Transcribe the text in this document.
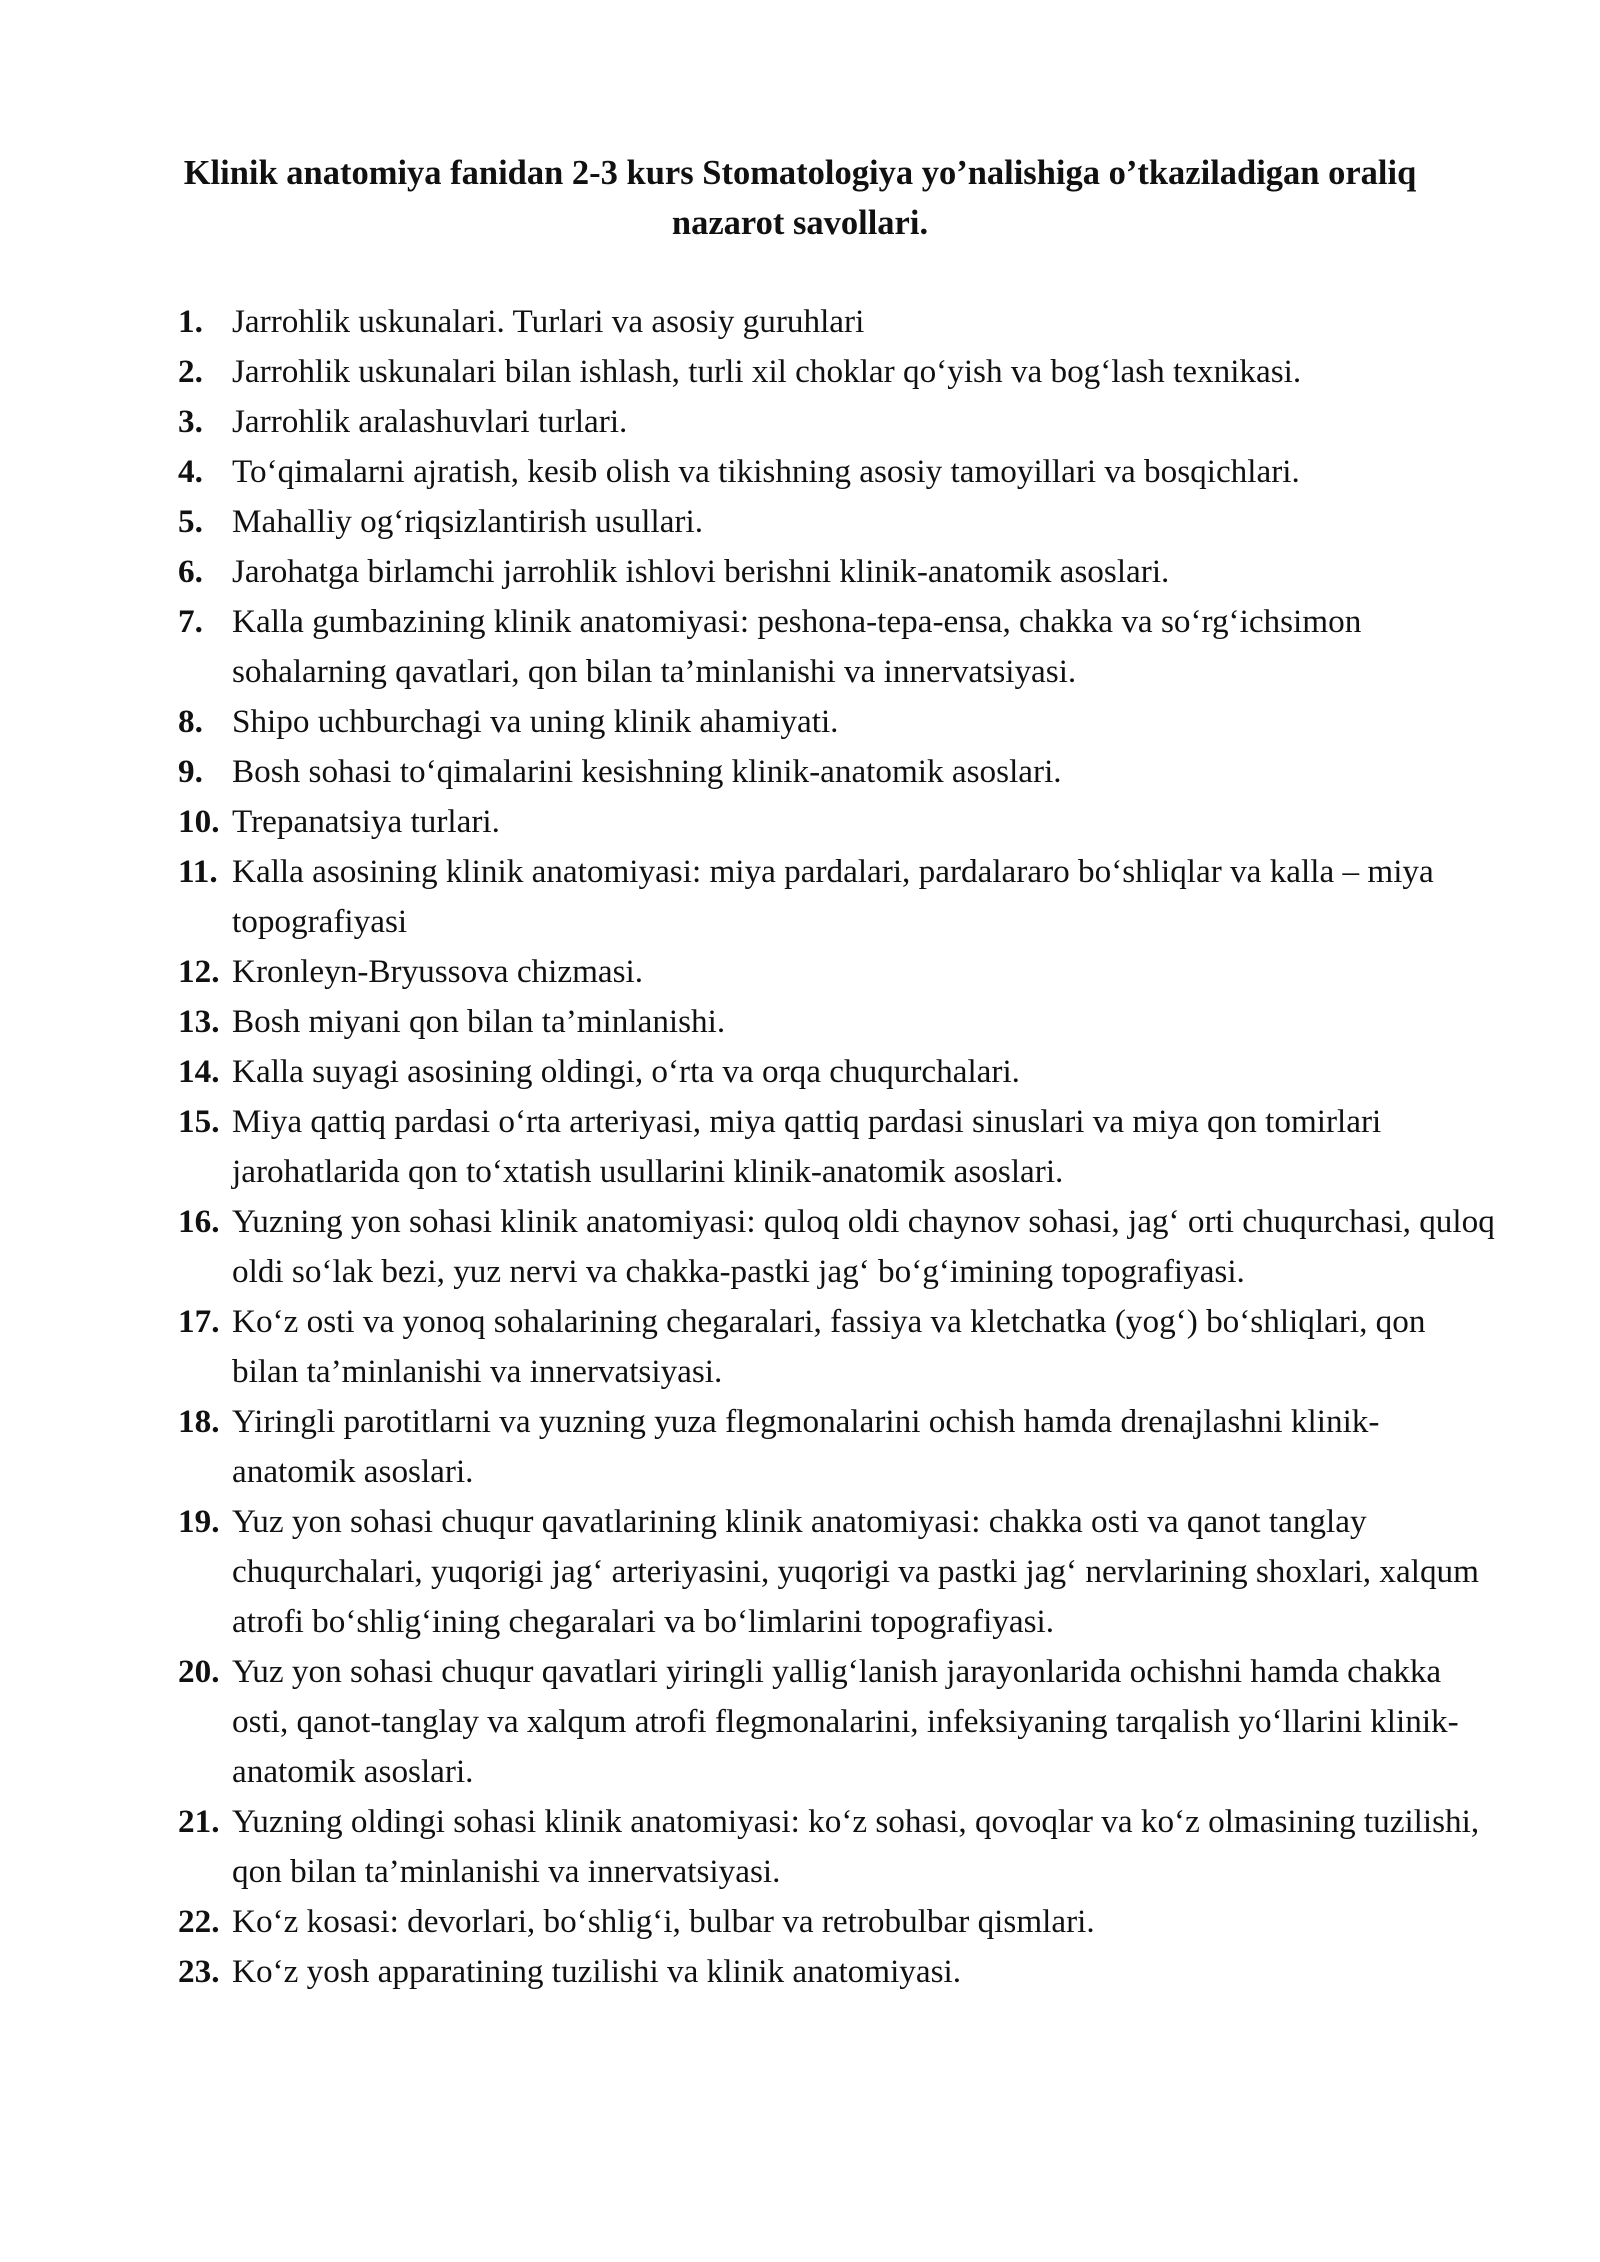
Klinik anatomiya fanidan 2-3 kurs Stomatologiya yo’nalishiga o’tkaziladigan oraliq
nazarot savollari.
1. Jarrohlik uskunalari. Turlari va asosiy guruhlari
2. Jarrohlik uskunalari bilan ishlash, turli xil choklar qo‘yish va bog‘lash texnikasi.
3. Jarrohlik aralashuvlari turlari.
4. To‘qimalarni ajratish, kesib olish va tikishning asosiy tamoyillari va bosqichlari.
5. Mahalliy og‘riqsizlantirish usullari.
6. Jarohatga birlamchi jarrohlik ishlovi berishni klinik-anatomik asoslari.
7. Kalla gumbazining klinik anatomiyasi: peshona-tepa-ensa, chakka va so‘rg‘ichsimon sohalarning qavatlari, qon bilan ta’minlanishi va innervatsiyasi.
8. Shipo uchburchagi va uning klinik ahamiyati.
9. Bosh sohasi to‘qimalarini kesishning klinik-anatomik asoslari.
10. Trepanatsiya turlari.
11. Kalla asosining klinik anatomiyasi: miya pardalari, pardalararo bo‘shliqlar va kalla – miya topografiyasi
12. Kronleyn-Bryussova chizmasi.
13. Bosh miyani qon bilan ta’minlanishi.
14. Kalla suyagi asosining oldingi, o‘rta va orqa chuqurchalari.
15. Miya qattiq pardasi o‘rta arteriyasi, miya qattiq pardasi sinuslari va miya qon tomirlari jarohatlarida qon to‘xtatish usullarini klinik-anatomik asoslari.
16. Yuzning yon sohasi klinik anatomiyasi: quloq oldi chaynov sohasi, jag‘ orti chuqurchasi, quloq oldi so‘lak bezi, yuz nervi va chakka-pastki jag‘ bo‘g‘imining topografiyasi.
17. Ko‘z osti va yonoq sohalarining chegaralari, fassiya va kletchatka (yog‘) bo‘shliqlari, qon bilan ta’minlanishi va innervatsiyasi.
18. Yiringli parotitlarni va yuzning yuza flegmonalarini ochish hamda drenajlashni klinik-anatomik asoslari.
19. Yuz yon sohasi chuqur qavatlarining klinik anatomiyasi: chakka osti va qanot tanglay chuqurchalari, yuqorigi jag‘ arteriyasini, yuqorigi va pastki jag‘ nervlarining shoxlari, xalqum atrofi bo‘shlig‘ining chegaralari va bo‘limlarini topografiyasi.
20. Yuz yon sohasi chuqur qavatlari yiringli yallig‘lanish jarayonlarida ochishni hamda chakka osti, qanot-tanglay va xalqum atrofi flegmonalarini, infeksiyaning tarqalish yo‘llarini klinik-anatomik asoslari.
21. Yuzning oldingi sohasi klinik anatomiyasi: ko‘z sohasi, qovoqlar va ko‘z olmasining tuzilishi, qon bilan ta’minlanishi va innervatsiyasi.
22. Ko‘z kosasi: devorlari, bo‘shlig‘i, bulbar va retrobulbar qismlari.
23. Ko‘z yosh apparatining tuzilishi va klinik anatomiyasi.
